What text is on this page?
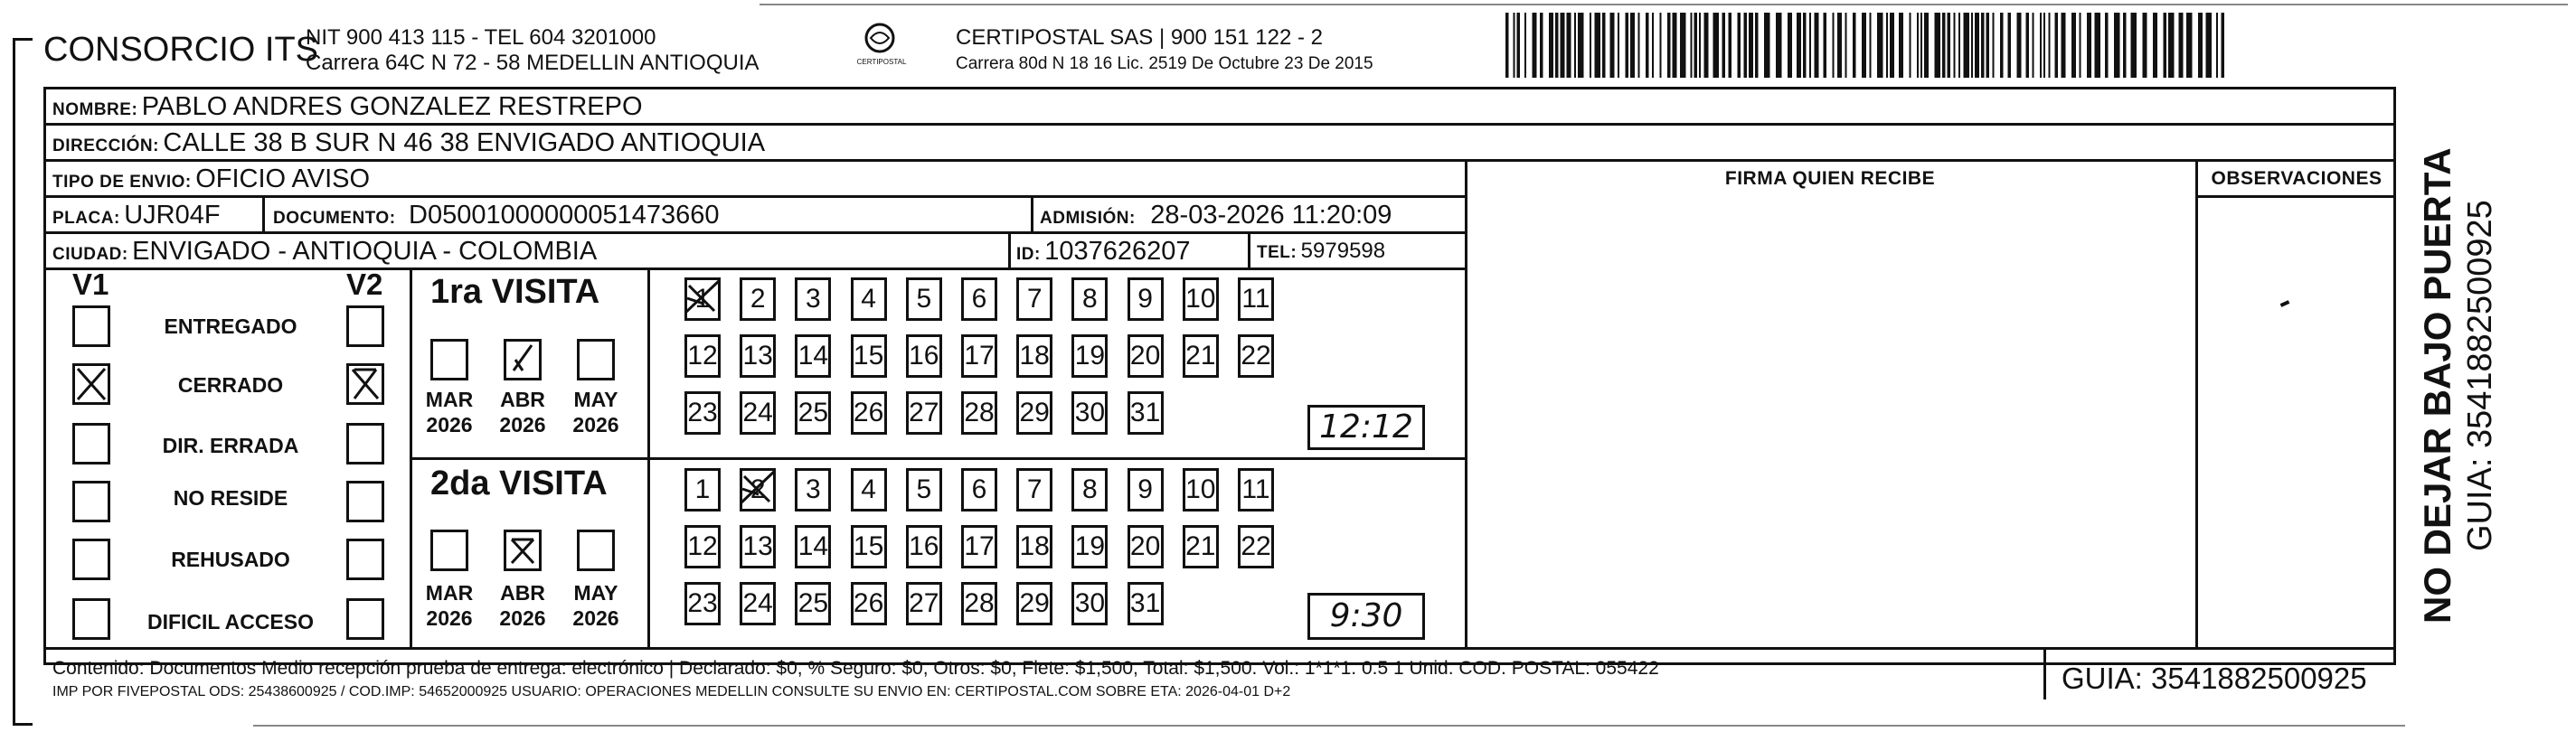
CONSORCIO ITS
NIT 900 413 115 - TEL 604 3201000
Carrera 64C N 72 - 58 MEDELLIN ANTIOQUIA	CERTIPOSTAL
CERTIPOSTAL SAS | 900 151 122 - 2
Carrera 80d N 18 16 Lic. 2519 De Octubre 23 De 2015
NOMBRE: PABLO ANDRES GONZALEZ RESTREPO
DIRECCIÓN: CALLE 38 B SUR N 46 38 ENVIGADO ANTIOQUIA
TIPO DE ENVIO: OFICIO AVISO
PLACA: UJR04F	DOCUMENTO: D05001000000051473660	ADMISIÓN: 28-03-2026 11:20:09
CIUDAD: ENVIGADO - ANTIOQUIA - COLOMBIA	ID: 1037626207	TEL: 5979598
FIRMA QUIEN RECIBE	OBSERVACIONES
V1	V2
ENTREGADO
CERRADO
DIR. ERRADA
NO RESIDE
REHUSADO
DIFICIL ACCESO
1ra VISITA
MAR
2026
ABR
2026
MAY
2026
1	2	3	4	5	6	7	8	9	10 11
12 13 14 15 16 17 18 19 20 21 22
23 24 25 26 27 28 29 30 31	12:12
2da VISITA
MAR
2026
ABR
2026
MAY
2026
1	2	3	4	5	6	7	8	9	10 11
12 13 14 15 16 17 18 19 20 21 22
23 24 25 26 27 28 29 30 31	9:30
Contenido: Documentos Medio recepción prueba de entrega: electrónico | Declarado: $0, % Seguro: $0, Otros: $0, Flete: $1,500, Total: $1,500. Vol.: 1*1*1. 0.5 1 Unid. COD. POSTAL: 055422
IMP POR FIVEPOSTAL ODS: 25438600925 / COD.IMP: 54652000925 USUARIO: OPERACIONES MEDELLIN CONSULTE SU ENVIO EN: CERTIPOSTAL.COM SOBRE ETA: 2026-04-01 D+2	GUIA: 3541882500925
NO DEJAR BAJO PUERTA GUIA: 3541882500925
